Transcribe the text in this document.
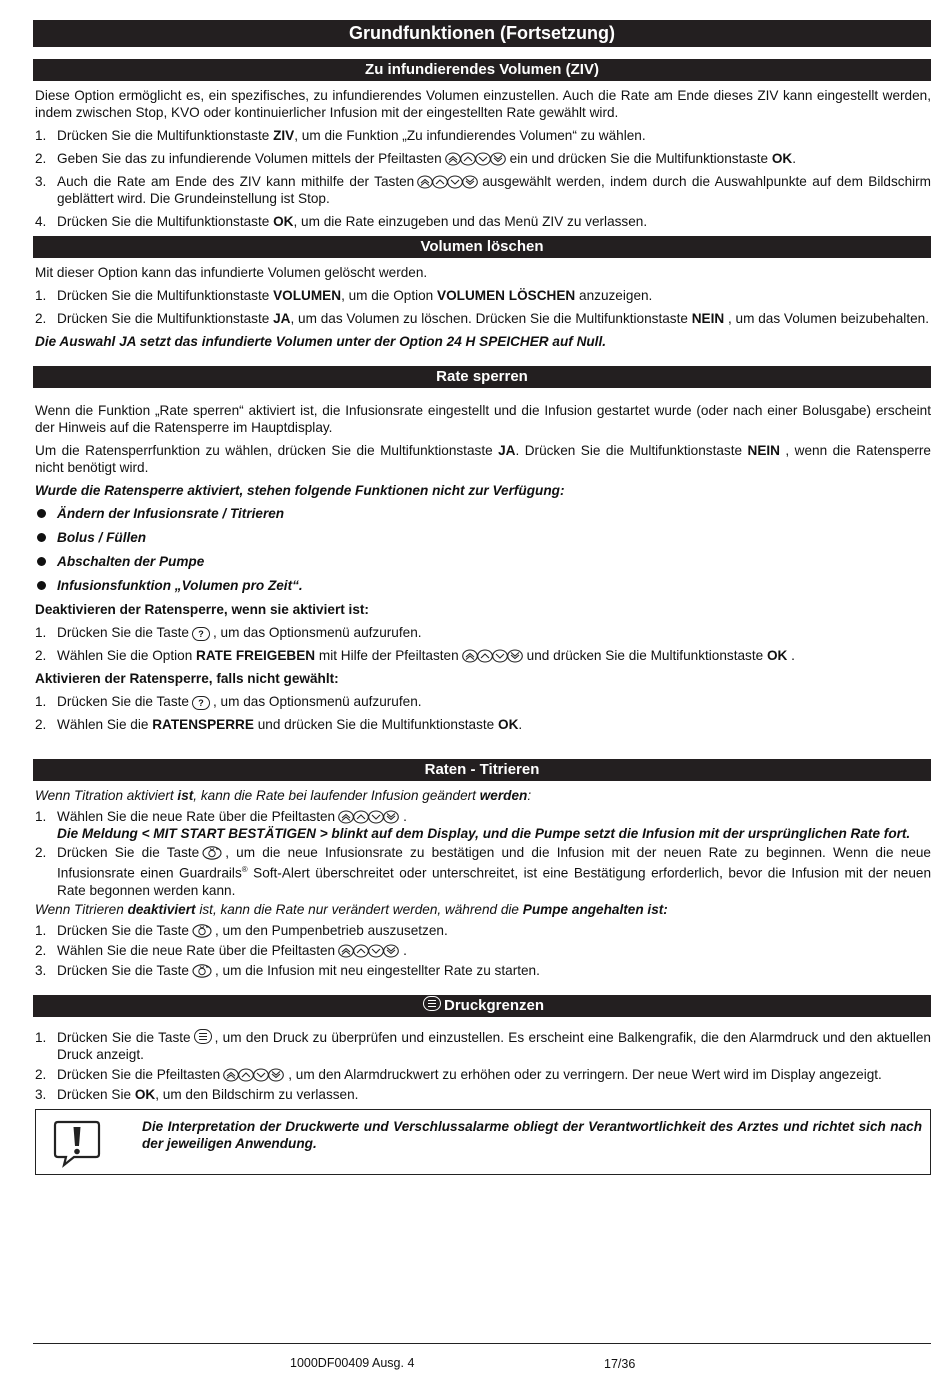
Grundfunktionen (Fortsetzung)
Zu infundierendes Volumen (ZIV)

Diese Option ermöglicht es, ein spezifisches, zu infundierendes Volumen einzustellen. Auch die Rate am Ende dieses ZIV kann eingestellt werden, indem zwischen Stop, KVO oder kontinuierlicher Infusion mit der eingestellten Rate gewählt wird.

1. Drücken Sie die Multifunktionstaste ZIV, um die Funktion „Zu infundierendes Volumen“ zu wählen.
2. Geben Sie das zu infundierende Volumen mittels der Pfeiltasten	ein und drücken Sie die Multifunktionstaste OK.
3. Auch die Rate am Ende des ZIV kann mithilfe der Tasten	ausgewählt werden, indem durch die Auswahlpunkte auf dem Bildschirm geblättert wird. Die Grundeinstellung ist Stop.
4. Drücken Sie die Multifunktionstaste OK, um die Rate einzugeben und das Menü ZIV zu verlassen.
Volumen löschen

Mit dieser Option kann das infundierte Volumen gelöscht werden.

1. Drücken Sie die Multifunktionstaste VOLUMEN, um die Option VOLUMEN LÖSCHEN anzuzeigen.
2. Drücken Sie die Multifunktionstaste JA, um das Volumen zu löschen. Drücken Sie die Multifunktionstaste NEIN , um das Volumen beizubehalten.
Die Auswahl JA setzt das infundierte Volumen unter der Option 24 H SPEICHER auf Null.
Rate sperren

Wenn die Funktion „Rate sperren“ aktiviert ist, die Infusionsrate eingestellt und die Infusion gestartet wurde (oder nach einer Bolusgabe) erscheint der Hinweis auf die Ratensperre im Hauptdisplay.

Um die Ratensperrfunktion zu wählen, drücken Sie die Multifunktionstaste JA. Drücken Sie die Multifunktionstaste NEIN , wenn die Ratensperre nicht benötigt wird.

Wurde die Ratensperre aktiviert, stehen folgende Funktionen nicht zur Verfügung:
Ändern der Infusionsrate / Titrieren
Bolus / Füllen
Abschalten der Pumpe
Infusionsfunktion „Volumen pro Zeit“.
Deaktivieren der Ratensperre, wenn sie aktiviert ist:
1. Drücken Sie die Taste ? , um das Optionsmenü aufzurufen.
2. Wählen Sie die Option RATE FREIGEBEN mit Hilfe der Pfeiltasten	und drücken Sie die Multifunktionstaste OK .
Aktivieren der Ratensperre, falls nicht gewählt:
1. Drücken Sie die Taste ? , um das Optionsmenü aufzurufen.
2. Wählen Sie die RATENSPERRE und drücken Sie die Multifunktionstaste OK.
Raten - Titrieren
Wenn Titration aktiviert ist, kann die Rate bei laufender Infusion geändert werden:
1. Wählen Sie die neue Rate über die Pfeiltasten	.
Die Meldung < MIT START BESTÄTIGEN > blinkt auf dem Display, und die Pumpe setzt die Infusion mit der ursprünglichen Rate fort.
2. Drücken Sie die Taste , um die neue Infusionsrate zu bestätigen und die Infusion mit der neuen Rate zu beginnen. Wenn die neue Infusionsrate einen Guardrails® Soft-Alert überschreitet oder unterschreitet, ist eine Bestätigung erforderlich, bevor die Infusion mit der neuen Rate begonnen werden kann.
Wenn Titrieren deaktiviert ist, kann die Rate nur verändert werden, während die Pumpe angehalten ist:
1. Drücken Sie die Taste , um den Pumpenbetrieb auszusetzen.
2. Wählen Sie die neue Rate über die Pfeiltasten	.
3. Drücken Sie die Taste , um die Infusion mit neu eingestellter Rate zu starten.
Druckgrenzen
1. Drücken Sie die Taste , um den Druck zu überprüfen und einzustellen. Es erscheint eine Balkengrafik, die den Alarmdruck und den aktuellen Druck anzeigt.
2. Drücken Sie die Pfeiltasten	, um den Alarmdruckwert zu erhöhen oder zu verringern. Der neue Wert wird im Display angezeigt.
3. Drücken Sie OK, um den Bildschirm zu verlassen.
Die Interpretation der Druckwerte und Verschlussalarme obliegt der Verantwortlichkeit des Arztes und richtet sich nach der jeweiligen Anwendung.
1000DF00409 Ausg. 4	17/36
